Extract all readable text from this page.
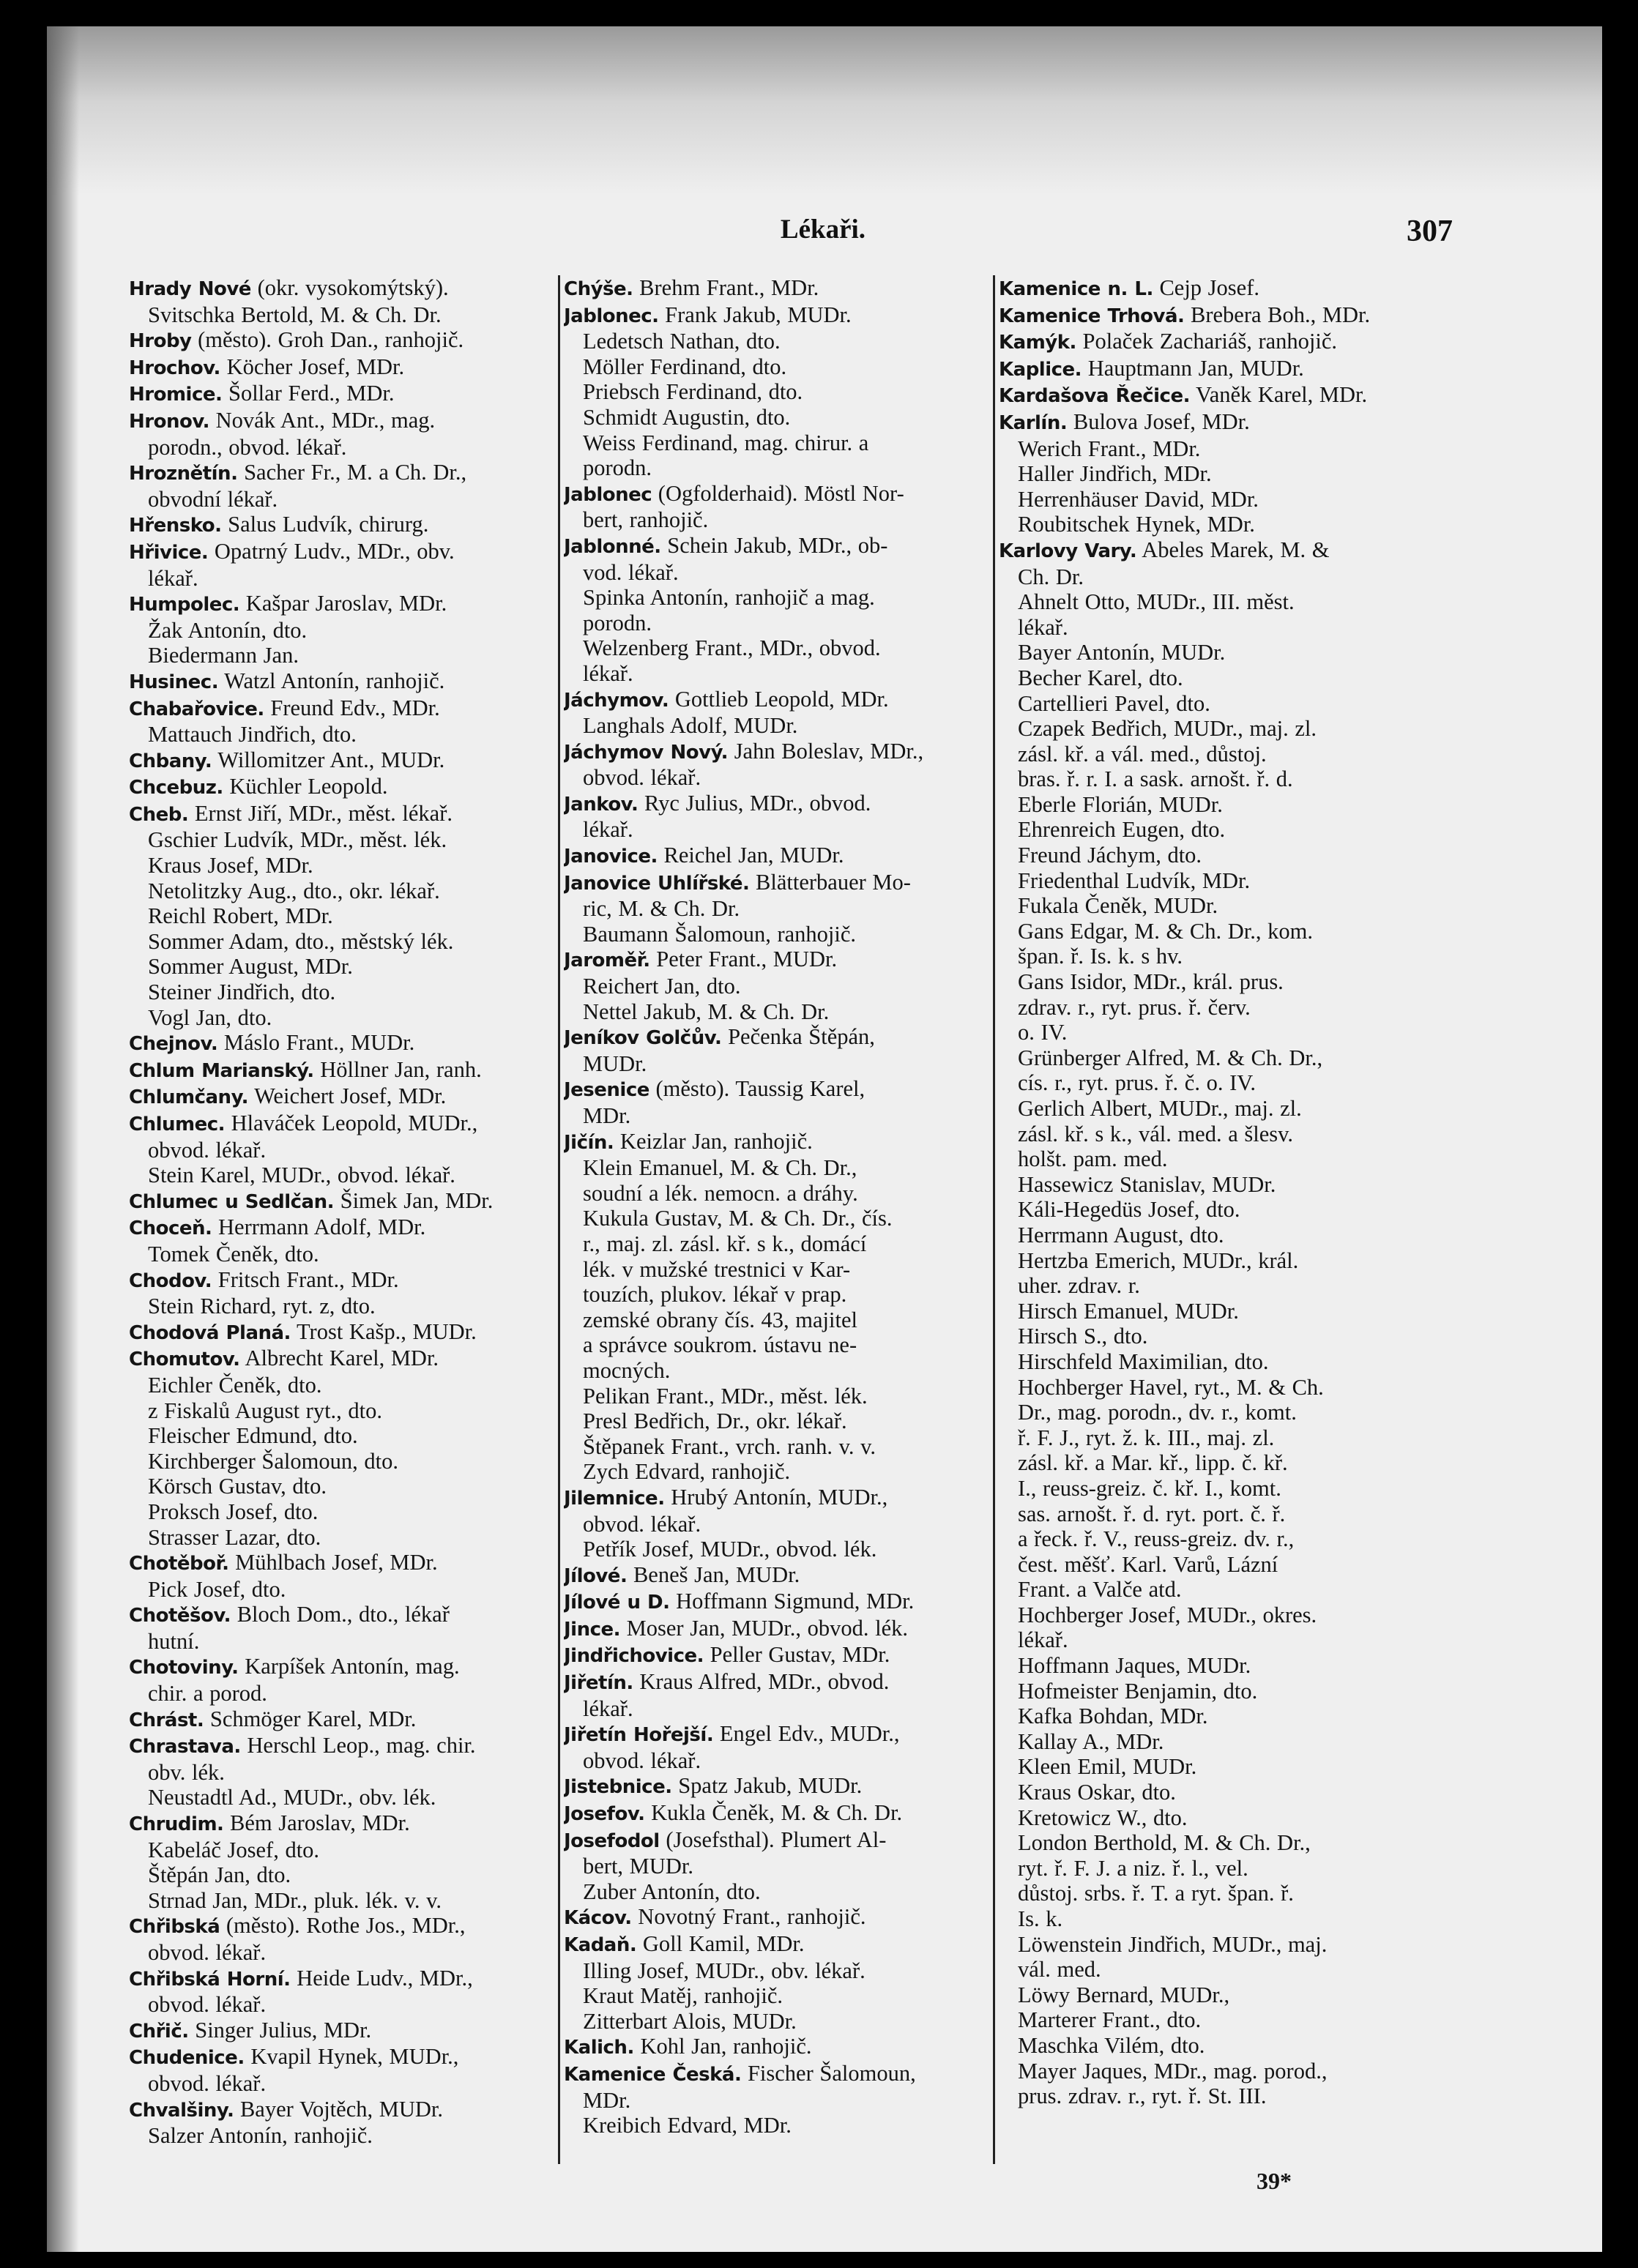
Lékaři.	307
Hrady Nové (okr. vysokomýtský).
Svitschka Bertold, M. & Ch. Dr.
Hroby (město). Groh Dan., ranhojič.
Hrochov. Köcher Josef, MDr.
Hromice. Šollar Ferd., MDr.
Hronov. Novák Ant., MDr., mag.
porodn., obvod. lékař.
Hroznětín. Sacher Fr., M. a Ch. Dr.,
obvodní lékař.
Hřensko. Salus Ludvík, chirurg.
Hřivice. Opatrný Ludv., MDr., obv.
lékař.
Humpolec. Kašpar Jaroslav, MDr.
Žak Antonín, dto.
Biedermann Jan.
Husinec. Watzl Antonín, ranhojič.
Chabařovice. Freund Edv., MDr.
Mattauch Jindřich, dto.
Chbany. Willomitzer Ant., MUDr.
Chcebuz. Küchler Leopold.
Cheb. Ernst Jiří, MDr., měst. lékař.
Gschier Ludvík, MDr., měst. lék.
Kraus Josef, MDr.
Netolitzky Aug., dto., okr. lékař.
Reichl Robert, MDr.
Sommer Adam, dto., městský lék.
Sommer August, MDr.
Steiner Jindřich, dto.
Vogl Jan, dto.
Chejnov. Máslo Frant., MUDr.
Chlum Marianský. Höllner Jan, ranh.
Chlumčany. Weichert Josef, MDr.
Chlumec. Hlaváček Leopold, MUDr.,
obvod. lékař.
Stein Karel, MUDr., obvod. lékař.
Chlumec u Sedlčan. Šimek Jan, MDr.
Choceň. Herrmann Adolf, MDr.
Tomek Čeněk, dto.
Chodov. Fritsch Frant., MDr.
Stein Richard, ryt. z, dto.
Chodová Planá. Trost Kašp., MUDr.
Chomutov. Albrecht Karel, MDr.
Eichler Čeněk, dto.
z Fiskalů August ryt., dto.
Fleischer Edmund, dto.
Kirchberger Šalomoun, dto.
Körsch Gustav, dto.
Proksch Josef, dto.
Strasser Lazar, dto.
Chotěboř. Mühlbach Josef, MDr.
Pick Josef, dto.
Chotěšov. Bloch Dom., dto., lékař
hutní.
Chotoviny. Karpíšek Antonín, mag.
chir. a porod.
Chrást. Schmöger Karel, MDr.
Chrastava. Herschl Leop., mag. chir.
obv. lék.
Neustadtl Ad., MUDr., obv. lék.
Chrudim. Bém Jaroslav, MDr.
Kabeláč Josef, dto.
Štěpán Jan, dto.
Strnad Jan, MDr., pluk. lék. v. v.
Chřibská (město). Rothe Jos., MDr.,
obvod. lékař.
Chřibská Horní. Heide Ludv., MDr.,
obvod. lékař.
Chřič. Singer Julius, MDr.
Chudenice. Kvapil Hynek, MUDr.,
obvod. lékař.
Chvalšiny. Bayer Vojtěch, MUDr.
Salzer Antonín, ranhojič.
Chýše. Brehm Frant., MDr.
Jablonec. Frank Jakub, MUDr.
Ledetsch Nathan, dto.
Möller Ferdinand, dto.
Priebsch Ferdinand, dto.
Schmidt Augustin, dto.
Weiss Ferdinand, mag. chirur. a
porodn.
Jablonec (Ogfolderhaid). Möstl Nor-
bert, ranhojič.
Jablonné. Schein Jakub, MDr., ob-
vod. lékař.
Spinka Antonín, ranhojič a mag.
porodn.
Welzenberg Frant., MDr., obvod.
lékař.
Jáchymov. Gottlieb Leopold, MDr.
Langhals Adolf, MUDr.
Jáchymov Nový. Jahn Boleslav, MDr.,
obvod. lékař.
Jankov. Ryc Julius, MDr., obvod.
lékař.
Janovice. Reichel Jan, MUDr.
Janovice Uhlířské. Blätterbauer Mo-
ric, M. & Ch. Dr.
Baumann Šalomoun, ranhojič.
Jaroměř. Peter Frant., MUDr.
Reichert Jan, dto.
Nettel Jakub, M. & Ch. Dr.
Jeníkov Golčův. Pečenka Štěpán,
MUDr.
Jesenice (město). Taussig Karel,
MDr.
Jičín. Keizlar Jan, ranhojič.
Klein Emanuel, M. & Ch. Dr.,
soudní a lék. nemocn. a dráhy.
Kukula Gustav, M. & Ch. Dr., čís.
r., maj. zl. zásl. kř. s k., domácí
lék. v mužské trestnici v Kar-
touzích, plukov. lékař v prap.
zemské obrany čís. 43, majitel
a správce soukrom. ústavu ne-
mocných.
Pelikan Frant., MDr., měst. lék.
Presl Bedřich, Dr., okr. lékař.
Štěpanek Frant., vrch. ranh. v. v.
Zych Edvard, ranhojič.
Jilemnice. Hrubý Antonín, MUDr.,
obvod. lékař.
Petřík Josef, MUDr., obvod. lék.
Jílové. Beneš Jan, MUDr.
Jílové u D. Hoffmann Sigmund, MDr.
Jince. Moser Jan, MUDr., obvod. lék.
Jindřichovice. Peller Gustav, MDr.
Jiřetín. Kraus Alfred, MDr., obvod.
lékař.
Jiřetín Hořejší. Engel Edv., MUDr.,
obvod. lékař.
Jistebnice. Spatz Jakub, MUDr.
Josefov. Kukla Čeněk, M. & Ch. Dr.
Josefodol (Josefsthal). Plumert Al-
bert, MUDr.
Zuber Antonín, dto.
Kácov. Novotný Frant., ranhojič.
Kadaň. Goll Kamil, MDr.
Illing Josef, MUDr., obv. lékař.
Kraut Matěj, ranhojič.
Zitterbart Alois, MUDr.
Kalich. Kohl Jan, ranhojič.
Kamenice Česká. Fischer Šalomoun,
MDr.
Kreibich Edvard, MDr.
Kamenice n. L. Cejp Josef.
Kamenice Trhová. Brebera Boh., MDr.
Kamýk. Polaček Zachariáš, ranhojič.
Kaplice. Hauptmann Jan, MUDr.
Kardašova Řečice. Vaněk Karel, MDr.
Karlín. Bulova Josef, MDr.
Werich Frant., MDr.
Haller Jindřich, MDr.
Herrenhäuser David, MDr.
Roubitschek Hynek, MDr.
Karlovy Vary. Abeles Marek, M. &
Ch. Dr.
Ahnelt Otto, MUDr., III. měst.
lékař.
Bayer Antonín, MUDr.
Becher Karel, dto.
Cartellieri Pavel, dto.
Czapek Bedřich, MUDr., maj. zl.
zásl. kř. a vál. med., důstoj.
bras. ř. r. I. a sask. arnošt. ř. d.
Eberle Florián, MUDr.
Ehrenreich Eugen, dto.
Freund Jáchym, dto.
Friedenthal Ludvík, MDr.
Fukala Čeněk, MUDr.
Gans Edgar, M. & Ch. Dr., kom.
špan. ř. Is. k. s hv.
Gans Isidor, MDr., král. prus.
zdrav. r., ryt. prus. ř. červ.
o. IV.
Grünberger Alfred, M. & Ch. Dr.,
cís. r., ryt. prus. ř. č. o. IV.
Gerlich Albert, MUDr., maj. zl.
zásl. kř. s k., vál. med. a šlesv.
holšt. pam. med.
Hassewicz Stanislav, MUDr.
Káli-Hegedüs Josef, dto.
Herrmann August, dto.
Hertzba Emerich, MUDr., král.
uher. zdrav. r.
Hirsch Emanuel, MUDr.
Hirsch S., dto.
Hirschfeld Maximilian, dto.
Hochberger Havel, ryt., M. & Ch.
Dr., mag. porodn., dv. r., komt.
ř. F. J., ryt. ž. k. III., maj. zl.
zásl. kř. a Mar. kř., lipp. č. kř.
I., reuss-greiz. č. kř. I., komt.
sas. arnošt. ř. d. ryt. port. č. ř.
a řeck. ř. V., reuss-greiz. dv. r.,
čest. měšť. Karl. Varů, Lázní
Frant. a Valče atd.
Hochberger Josef, MUDr., okres.
lékař.
Hoffmann Jaques, MUDr.
Hofmeister Benjamin, dto.
Kafka Bohdan, MDr.
Kallay A., MDr.
Kleen Emil, MUDr.
Kraus Oskar, dto.
Kretowicz W., dto.
London Berthold, M. & Ch. Dr.,
ryt. ř. F. J. a niz. ř. l., vel.
důstoj. srbs. ř. T. a ryt. špan. ř.
Is. k.
Löwenstein Jindřich, MUDr., maj.
vál. med.
Löwy Bernard, MUDr.,
Marterer Frant., dto.
Maschka Vilém, dto.
Mayer Jaques, MDr., mag. porod.,
prus. zdrav. r., ryt. ř. St. III.
39*
